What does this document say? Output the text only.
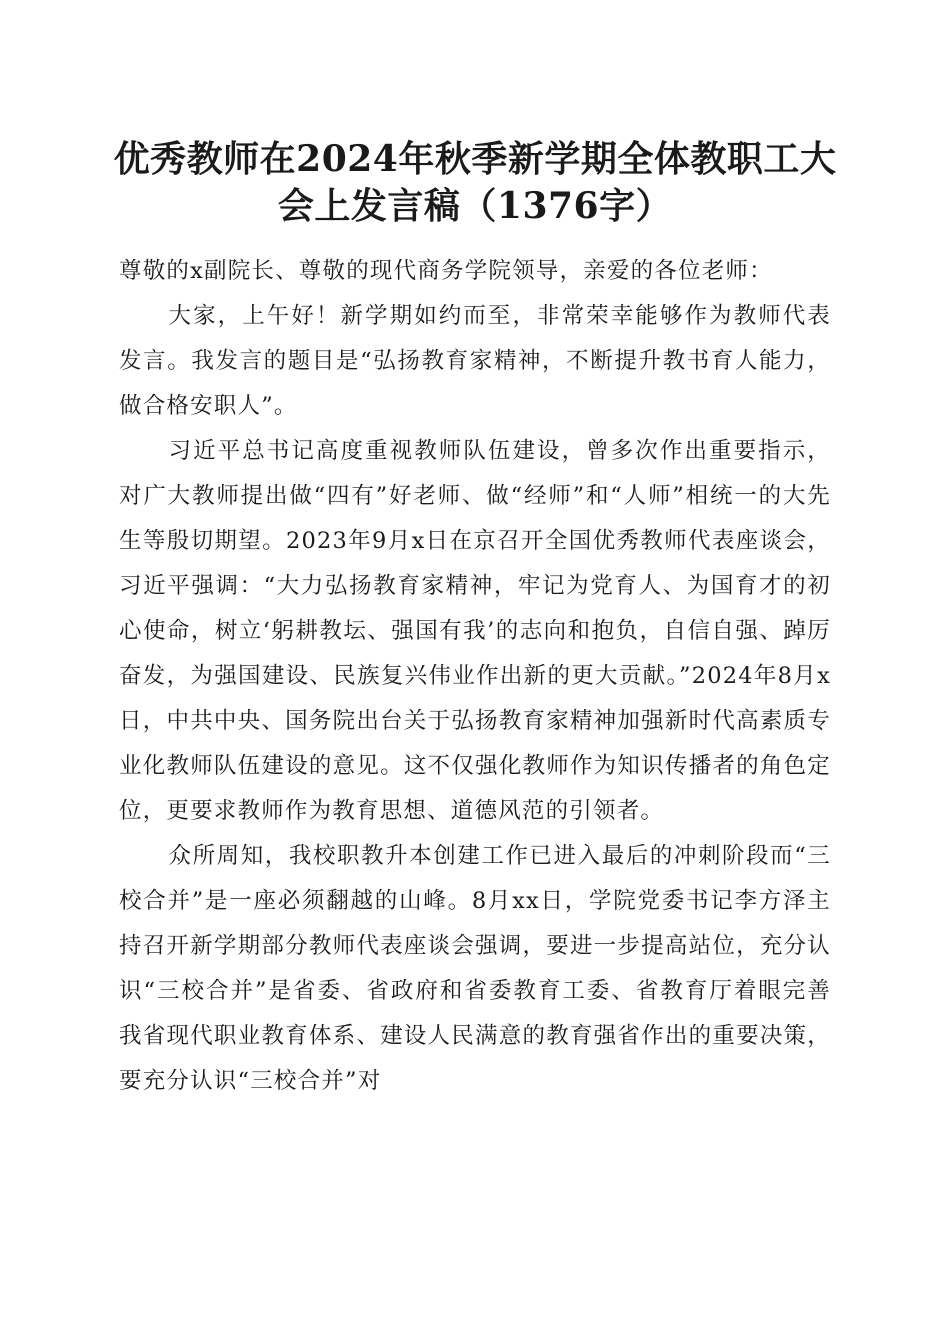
优秀教师在2024年秋季新学期全体教职工大
会上发言稿（1376字）

尊敬的x副院长、尊敬的现代商务学院领导，亲爱的各位老师：

大家，上午好！新学期如约而至，非常荣幸能够作为教师代表发言。我发言的题目是“弘扬教育家精神，不断提升教书育人能力，做合格安职人”。

习近平总书记高度重视教师队伍建设，曾多次作出重要指示，对广大教师提出做“四有”好老师、做“经师”和“人师”相统一的大先生等殷切期望。2023年9月x日在京召开全国优秀教师代表座谈会，习近平强调：“大力弘扬教育家精神，牢记为党育人、为国育才的初心使命，树立‘躬耕教坛、强国有我’的志向和抱负，自信自强、踔厉奋发，为强国建设、民族复兴伟业作出新的更大贡献。”2024年8月x日，中共中央、国务院出台关于弘扬教育家精神加强新时代高素质专业化教师队伍建设的意见。这不仅强化教师作为知识传播者的角色定位，更要求教师作为教育思想、道德风范的引领者。

众所周知，我校职教升本创建工作已进入最后的冲刺阶段而“三校合并”是一座必须翻越的山峰。8月xx日，学院党委书记李方泽主持召开新学期部分教师代表座谈会强调，要进一步提高站位，充分认识“三校合并”是省委、省政府和省委教育工委、省教育厅着眼完善我省现代职业教育体系、建设人民满意的教育强省作出的重要决策，要充分认识“三校合并”对
